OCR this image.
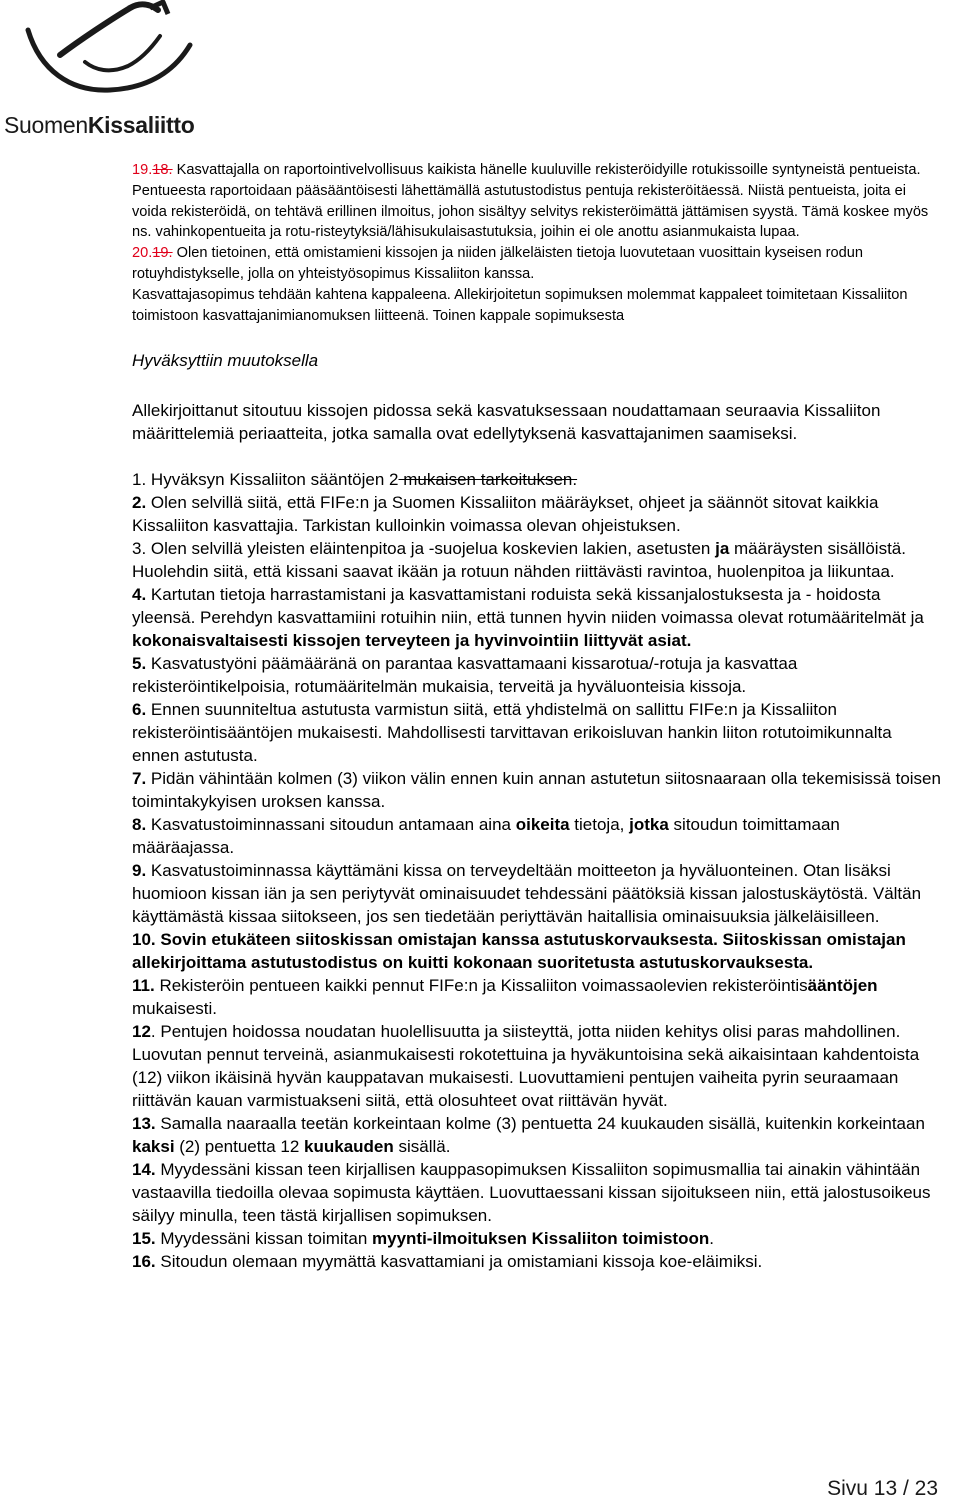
SuomenKissaliitto
19.18. Kasvattajalla on raportointivelvollisuus kaikista hänelle kuuluville rekisteröidyille rotukissoille syntyneistä pentueista. Pentueesta raportoidaan pääsääntöisesti lähettämällä astutustodistus pentuja rekisteröitäessä. Niistä pentueista, joita ei voida rekisteröidä, on tehtävä erillinen ilmoitus, johon sisältyy selvitys rekisteröimättä jättämisen syystä. Tämä koskee myös ns. vahinkopentueita ja rotu-risteytyksiä/lähisukulaisastutuksia, joihin ei ole anottu asianmukaista lupaa.
20.19. Olen tietoinen, että omistamieni kissojen ja niiden jälkeläisten tietoja luovutetaan vuosittain kyseisen rodun rotuyhdistykselle, jolla on yhteistyösopimus Kissaliiton kanssa.
Kasvattajasopimus tehdään kahtena kappaleena. Allekirjoitetun sopimuksen molemmat kappaleet toimitetaan Kissaliiton toimistoon kasvattajanimianomuksen liitteenä. Toinen kappale sopimuksesta
Hyväksyttiin muutoksella
Allekirjoittanut sitoutuu kissojen pidossa sekä kasvatuksessaan noudattamaan seuraavia Kissaliiton määrittelemiä periaatteita, jotka samalla ovat edellytyksenä kasvattajanimen saamiseksi.

1. Hyväksyn Kissaliiton sääntöjen 2 mukaisen tarkoituksen.

2. Olen selvillä siitä, että FIFe:n ja Suomen Kissaliiton määräykset, ohjeet ja säännöt sitovat kaikkia Kissaliiton kasvattajia. Tarkistan kulloinkin voimassa olevan ohjeistuksen.

3. Olen selvillä yleisten eläintenpitoa ja -suojelua koskevien lakien, asetusten ja määräysten sisällöistä. Huolehdin siitä, että kissani saavat ikään ja rotuun nähden riittävästi ravintoa, huolenpitoa ja liikuntaa.

4. Kartutan tietoja harrastamistani ja kasvattamistani roduista sekä kissanjalostuksesta ja - hoidosta yleensä. Perehdyn kasvattamiini rotuihin niin, että tunnen hyvin niiden voimassa olevat rotumääritelmät ja kokonaisvaltaisesti kissojen terveyteen ja hyvinvointiin liittyvät asiat.

5. Kasvatustyöni päämääränä on parantaa kasvattamaani kissarotua/-rotuja ja kasvattaa rekisteröintikelpoisia, rotumääritelmän mukaisia, terveitä ja hyväluonteisia kissoja.

6. Ennen suunniteltua astutusta varmistun siitä, että yhdistelmä on sallittu FIFe:n ja Kissaliiton rekisteröintisääntöjen mukaisesti. Mahdollisesti tarvittavan erikoisluvan hankin liiton rotutoimikunnalta ennen astutusta.

7. Pidän vähintään kolmen (3) viikon välin ennen kuin annan astutetun siitosnaaraan olla tekemisissä toisen toimintakykyisen uroksen kanssa.

8. Kasvatustoiminnassani sitoudun antamaan aina oikeita tietoja, jotka sitoudun toimittamaan määräajassa.

9. Kasvatustoiminnassa käyttämäni kissa on terveydeltään moitteeton ja hyväluonteinen. Otan lisäksi huomioon kissan iän ja sen periytyvät ominaisuudet tehdessäni päätöksiä kissan jalostuskäytöstä. Vältän käyttämästä kissaa siitokseen, jos sen tiedetään periyttävän haitallisia ominaisuuksia jälkeläisilleen.

10. Sovin etukäteen siitoskissan omistajan kanssa astutuskorvauksesta. Siitoskissan omistajan allekirjoittama astutustodistus on kuitti kokonaan suoritetusta astutuskorvauksesta.

11. Rekisteröin pentueen kaikki pennut FIFe:n ja Kissaliiton voimassaolevien rekisteröintisääntöjen mukaisesti.

12. Pentujen hoidossa noudatan huolellisuutta ja siisteyttä, jotta niiden kehitys olisi paras mahdollinen. Luovutan pennut terveinä, asianmukaisesti rokotettuina ja hyväkuntoisina sekä aikaisintaan kahdentoista (12) viikon ikäisinä hyvän kauppatavan mukaisesti. Luovuttamieni pentujen vaiheita pyrin seuraamaan riittävän kauan varmistuakseni siitä, että olosuhteet ovat riittävän hyvät.

13. Samalla naaraalla teetän korkeintaan kolme (3) pentuetta 24 kuukauden sisällä, kuitenkin korkeintaan kaksi (2) pentuetta 12 kuukauden sisällä.

14. Myydessäni kissan teen kirjallisen kauppasopimuksen Kissaliiton sopimusmallia tai ainakin vähintään vastaavilla tiedoilla olevaa sopimusta käyttäen. Luovuttaessani kissan sijoitukseen niin, että jalostusoikeus säilyy minulla, teen tästä kirjallisen sopimuksen.

15. Myydessäni kissan toimitan myynti-ilmoituksen Kissaliiton toimistoon.

16. Sitoudun olemaan myymättä kasvattamiani ja omistamiani kissoja koe-eläimiksi.

Sivu 13 / 23
